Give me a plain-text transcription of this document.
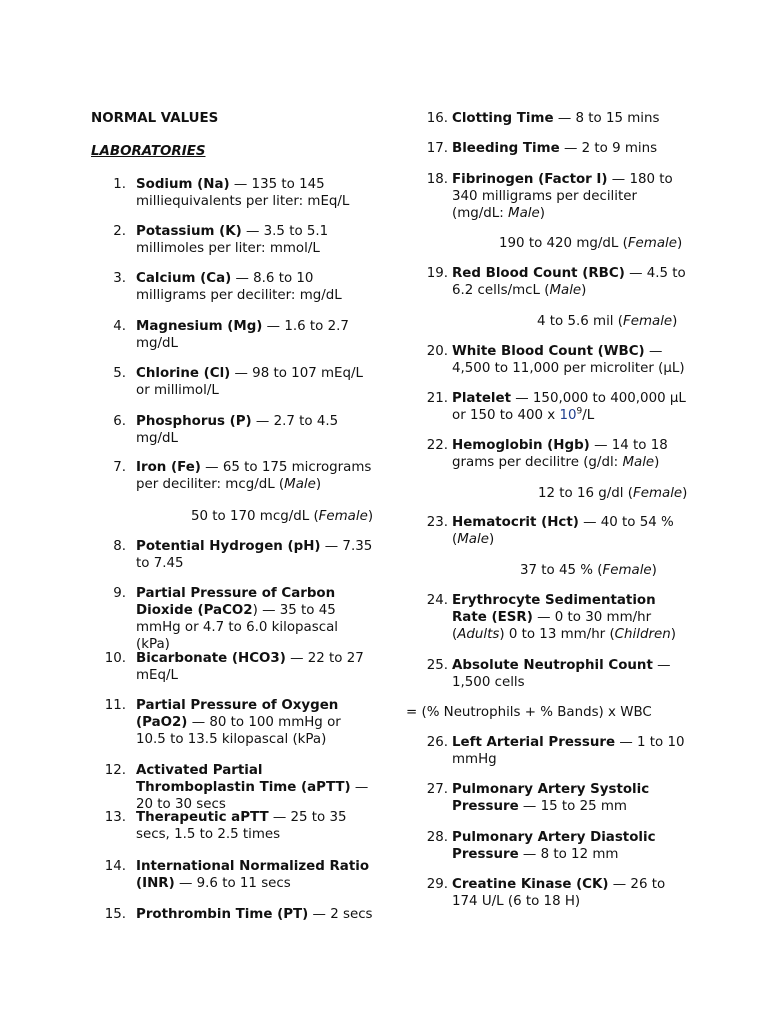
NORMAL VALUES
LABORATORIES
1. Sodium (Na) — 135 to 145 milliequivalents per liter: mEq/L
2. Potassium (K) — 3.5 to 5.1 millimoles per liter: mmol/L
3. Calcium (Ca) — 8.6 to 10 milligrams per deciliter: mg/dL
4. Magnesium (Mg) — 1.6 to 2.7 mg/dL
5. Chlorine (Cl) — 98 to 107 mEq/L or millimol/L
6. Phosphorus (P) — 2.7 to 4.5 mg/dL
7. Iron (Fe) — 65 to 175 micrograms per deciliter: mcg/dL (Male)
8. Potential Hydrogen (pH) — 7.35 to 7.45
9. Partial Pressure of Carbon Dioxide (PaCO2) — 35 to 45 mmHg or 4.7 to 6.0 kilopascal (kPa)
10. Bicarbonate (HCO3) — 22 to 27 mEq/L
11. Partial Pressure of Oxygen (PaO2) — 80 to 100 mmHg or 10.5 to 13.5 kilopascal (kPa)
12. Activated Partial Thromboplastin Time (aPTT) — 20 to 30 secs
13. Therapeutic aPTT — 25 to 35 secs, 1.5 to 2.5 times
14. International Normalized Ratio (INR) — 9.6 to 11 secs
15. Prothrombin Time (PT) — 2 secs
50 to 170 mcg/dL (Female)
16. Clotting Time — 8 to 15 mins
17. Bleeding Time — 2 to 9 mins
18. Fibrinogen (Factor I) — 180 to 340 milligrams per deciliter (mg/dL: Male)
19. Red Blood Count (RBC) — 4.5 to 6.2 cells/mcL (Male)
20. White Blood Count (WBC) — 4,500 to 11,000 per microliter (µL)
21. Platelet — 150,000 to 400,000 µL or 150 to 400 x $10^9/L$
22. Hemoglobin (Hgb) — 14 to 18 grams per decilitre (g/dl: Male)
23. Hematocrit (Hct) — 40 to 54 % (Male)
24. Erythrocyte Sedimentation Rate (ESR) — 0 to 30 mm/hr (Adults) 0 to 13 mm/hr (Children)
25. Absolute Neutrophil Count — 1,500 cells
26. Left Arterial Pressure — 1 to 10 mmHg
27. Pulmonary Artery Systolic Pressure — 15 to 25 mm
28. Pulmonary Artery Diastolic Pressure — 8 to 12 mm
29. Creatine Kinase (CK) — 26 to 174 U/L (6 to 18 H)
190 to 420 mg/dL (Female)
4 to 5.6 mil (Female)
12 to 16 g/dl (Female)
37 to 45 % (Female)
= (% Neutrophils + % Bands) x WBC
